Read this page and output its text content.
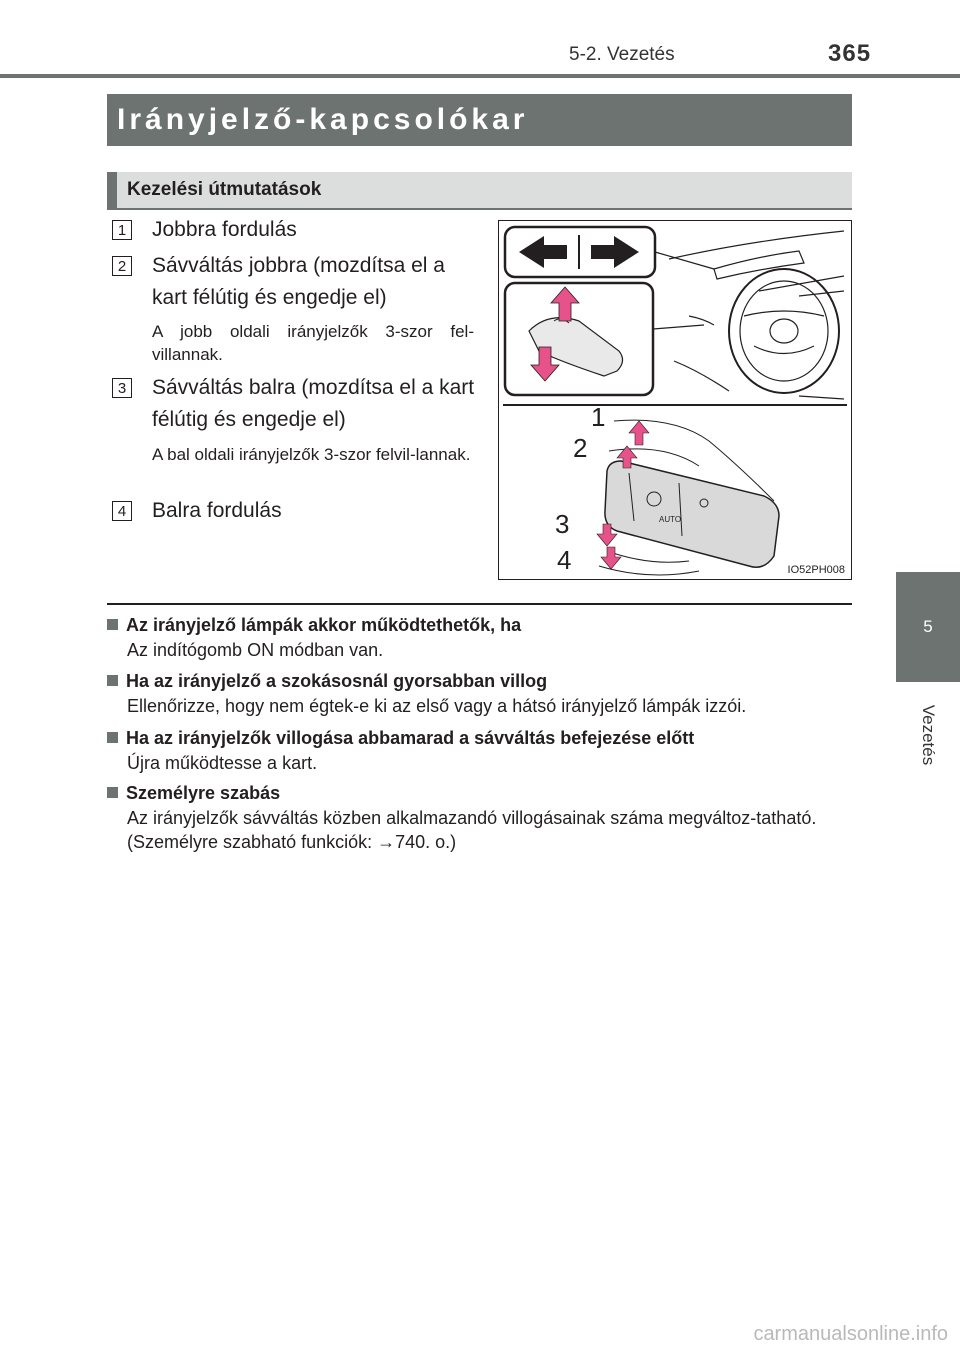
5-2. Vezetés	365
Irányjelző-kapcsolókar
Kezelési útmutatások
1 Jobbra fordulás
2 Sávváltás jobbra (mozdítsa el a kart félútig és engedje el)
A jobb oldali irányjelzők 3-szor fel-villannak.
3 Sávváltás balra (mozdítsa el a kart félútig és engedje el)
A bal oldali irányjelzők 3-szor felvil-lannak.
4 Balra fordulás	AUTO
1
2
3
4	IO52PH008
Az irányjelző lámpák akkor működtethetők, ha
Az indítógomb ON módban van.
Ha az irányjelző a szokásosnál gyorsabban villog
Ellenőrizze, hogy nem égtek-e ki az első vagy a hátsó irányjelző lámpák izzói.
Ha az irányjelzők villogása abbamarad a sávváltás befejezése előtt
Újra működtesse a kart.
Személyre szabás
Az irányjelzők sávváltás közben alkalmazandó villogásainak száma megváltoz-tatható. (Személyre szabható funkciók: →740. o.)
5
Vezetés
carmanualsonline.info
